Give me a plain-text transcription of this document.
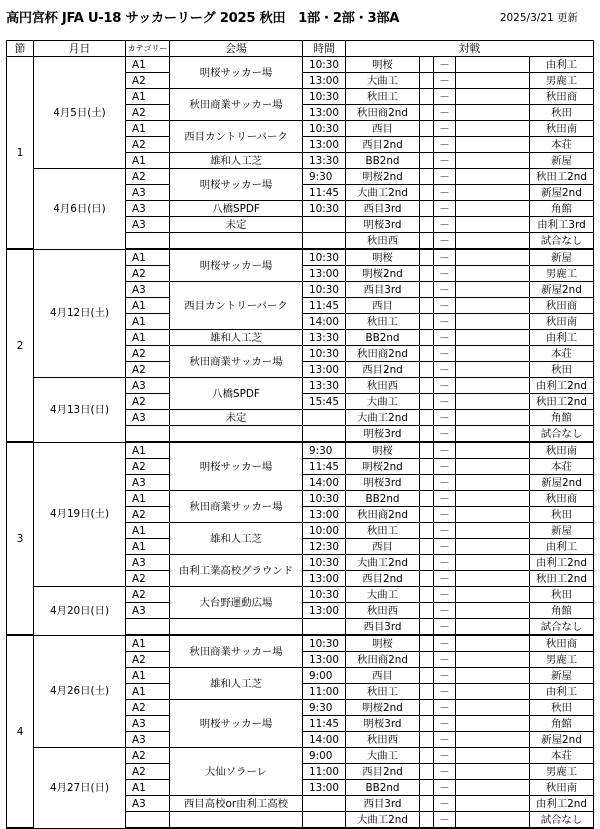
高円宮杯 JFA U-18 サッカーリーグ 2025 秋田　1部・2部・3部A	2025/3/21 更新
節	月日	カテゴリー	会場	時間	対戦	
1	4月5日(土)	A1	明桜サッカー場	10:30	明桜		－		由利工	
		A2		13:00	大曲工		－		男鹿工	
		A1	秋田商業サッカー場	10:30	秋田工		－		秋田商	
		A2		13:00	秋田商2nd		－		秋田	
		A1	西目カントリーパーク	10:30	西目		－		秋田南	
		A2		13:00	西目2nd		－		本荘	
		A1	雄和人工芝	13:30	BB2nd		－		新屋	
	4月6日(日)	A2	明桜サッカー場	9:30	明桜2nd		－		秋田工2nd	
		A3		11:45	大曲工2nd		－		新屋2nd	
		A3	八橋SPDF	10:30	西目3rd		－		角館	
		A3	未定		明桜3rd		－		由利工3rd	
					秋田西		－		試合なし	
2	4月12日(土)	A1	明桜サッカー場	10:30	明桜		－		新屋	
		A2		13:00	明桜2nd		－		男鹿工	
		A3	西目カントリーパーク	10:30	西目3rd		－		新屋2nd	
		A1		11:45	西目		－		秋田商	
		A1		14:00	秋田工		－		秋田南	
		A1	雄和人工芝	13:30	BB2nd		－		由利工	
		A2	秋田商業サッカー場	10:30	秋田商2nd		－		本荘	
		A2		13:00	西目2nd		－		秋田	
	4月13日(日)	A3	八橋SPDF	13:30	秋田西		－		由利工2nd	
		A2		15:45	大曲工		－		秋田工2nd	
		A3	未定		大曲工2nd		－		角館	
					明桜3rd		－		試合なし	
3	4月19日(土)	A1	明桜サッカー場	9:30	明桜		－		秋田南	
		A2		11:45	明桜2nd		－		本荘	
		A3		14:00	明桜3rd		－		新屋2nd	
		A1	秋田商業サッカー場	10:30	BB2nd		－		秋田商	
		A2		13:00	秋田商2nd		－		秋田	
		A1	雄和人工芝	10:00	秋田工		－		新屋	
		A1		12:30	西目		－		由利工	
		A3	由利工業高校グラウンド	10:30	大曲工2nd		－		由利工2nd	
		A2		13:00	西目2nd		－		秋田工2nd	
	4月20日(日)	A2	大台野運動広場	10:30	大曲工		－		秋田	
		A3		13:00	秋田西		－		角館	
					西目3rd		－		試合なし	
4	4月26日(土)	A1	秋田商業サッカー場	10:30	明桜		－		秋田商	
		A2		13:00	秋田商2nd		－		男鹿工	
		A1	雄和人工芝	9:00	西目		－		新屋	
		A1		11:00	秋田工		－		由利工	
		A2	明桜サッカー場	9:30	明桜2nd		－		秋田	
		A3		11:45	明桜3rd		－		角館	
		A3		14:00	秋田西		－		新屋2nd	
	4月27日(日)	A2	大仙ソラーレ	9:00	大曲工		－		本荘	
		A2		11:00	西目2nd		－		男鹿工	
		A1		13:00	BB2nd		－		秋田南	
		A3	西目高校or由利工高校		西目3rd		－		由利工2nd	
					大曲工2nd		－		試合なし	
